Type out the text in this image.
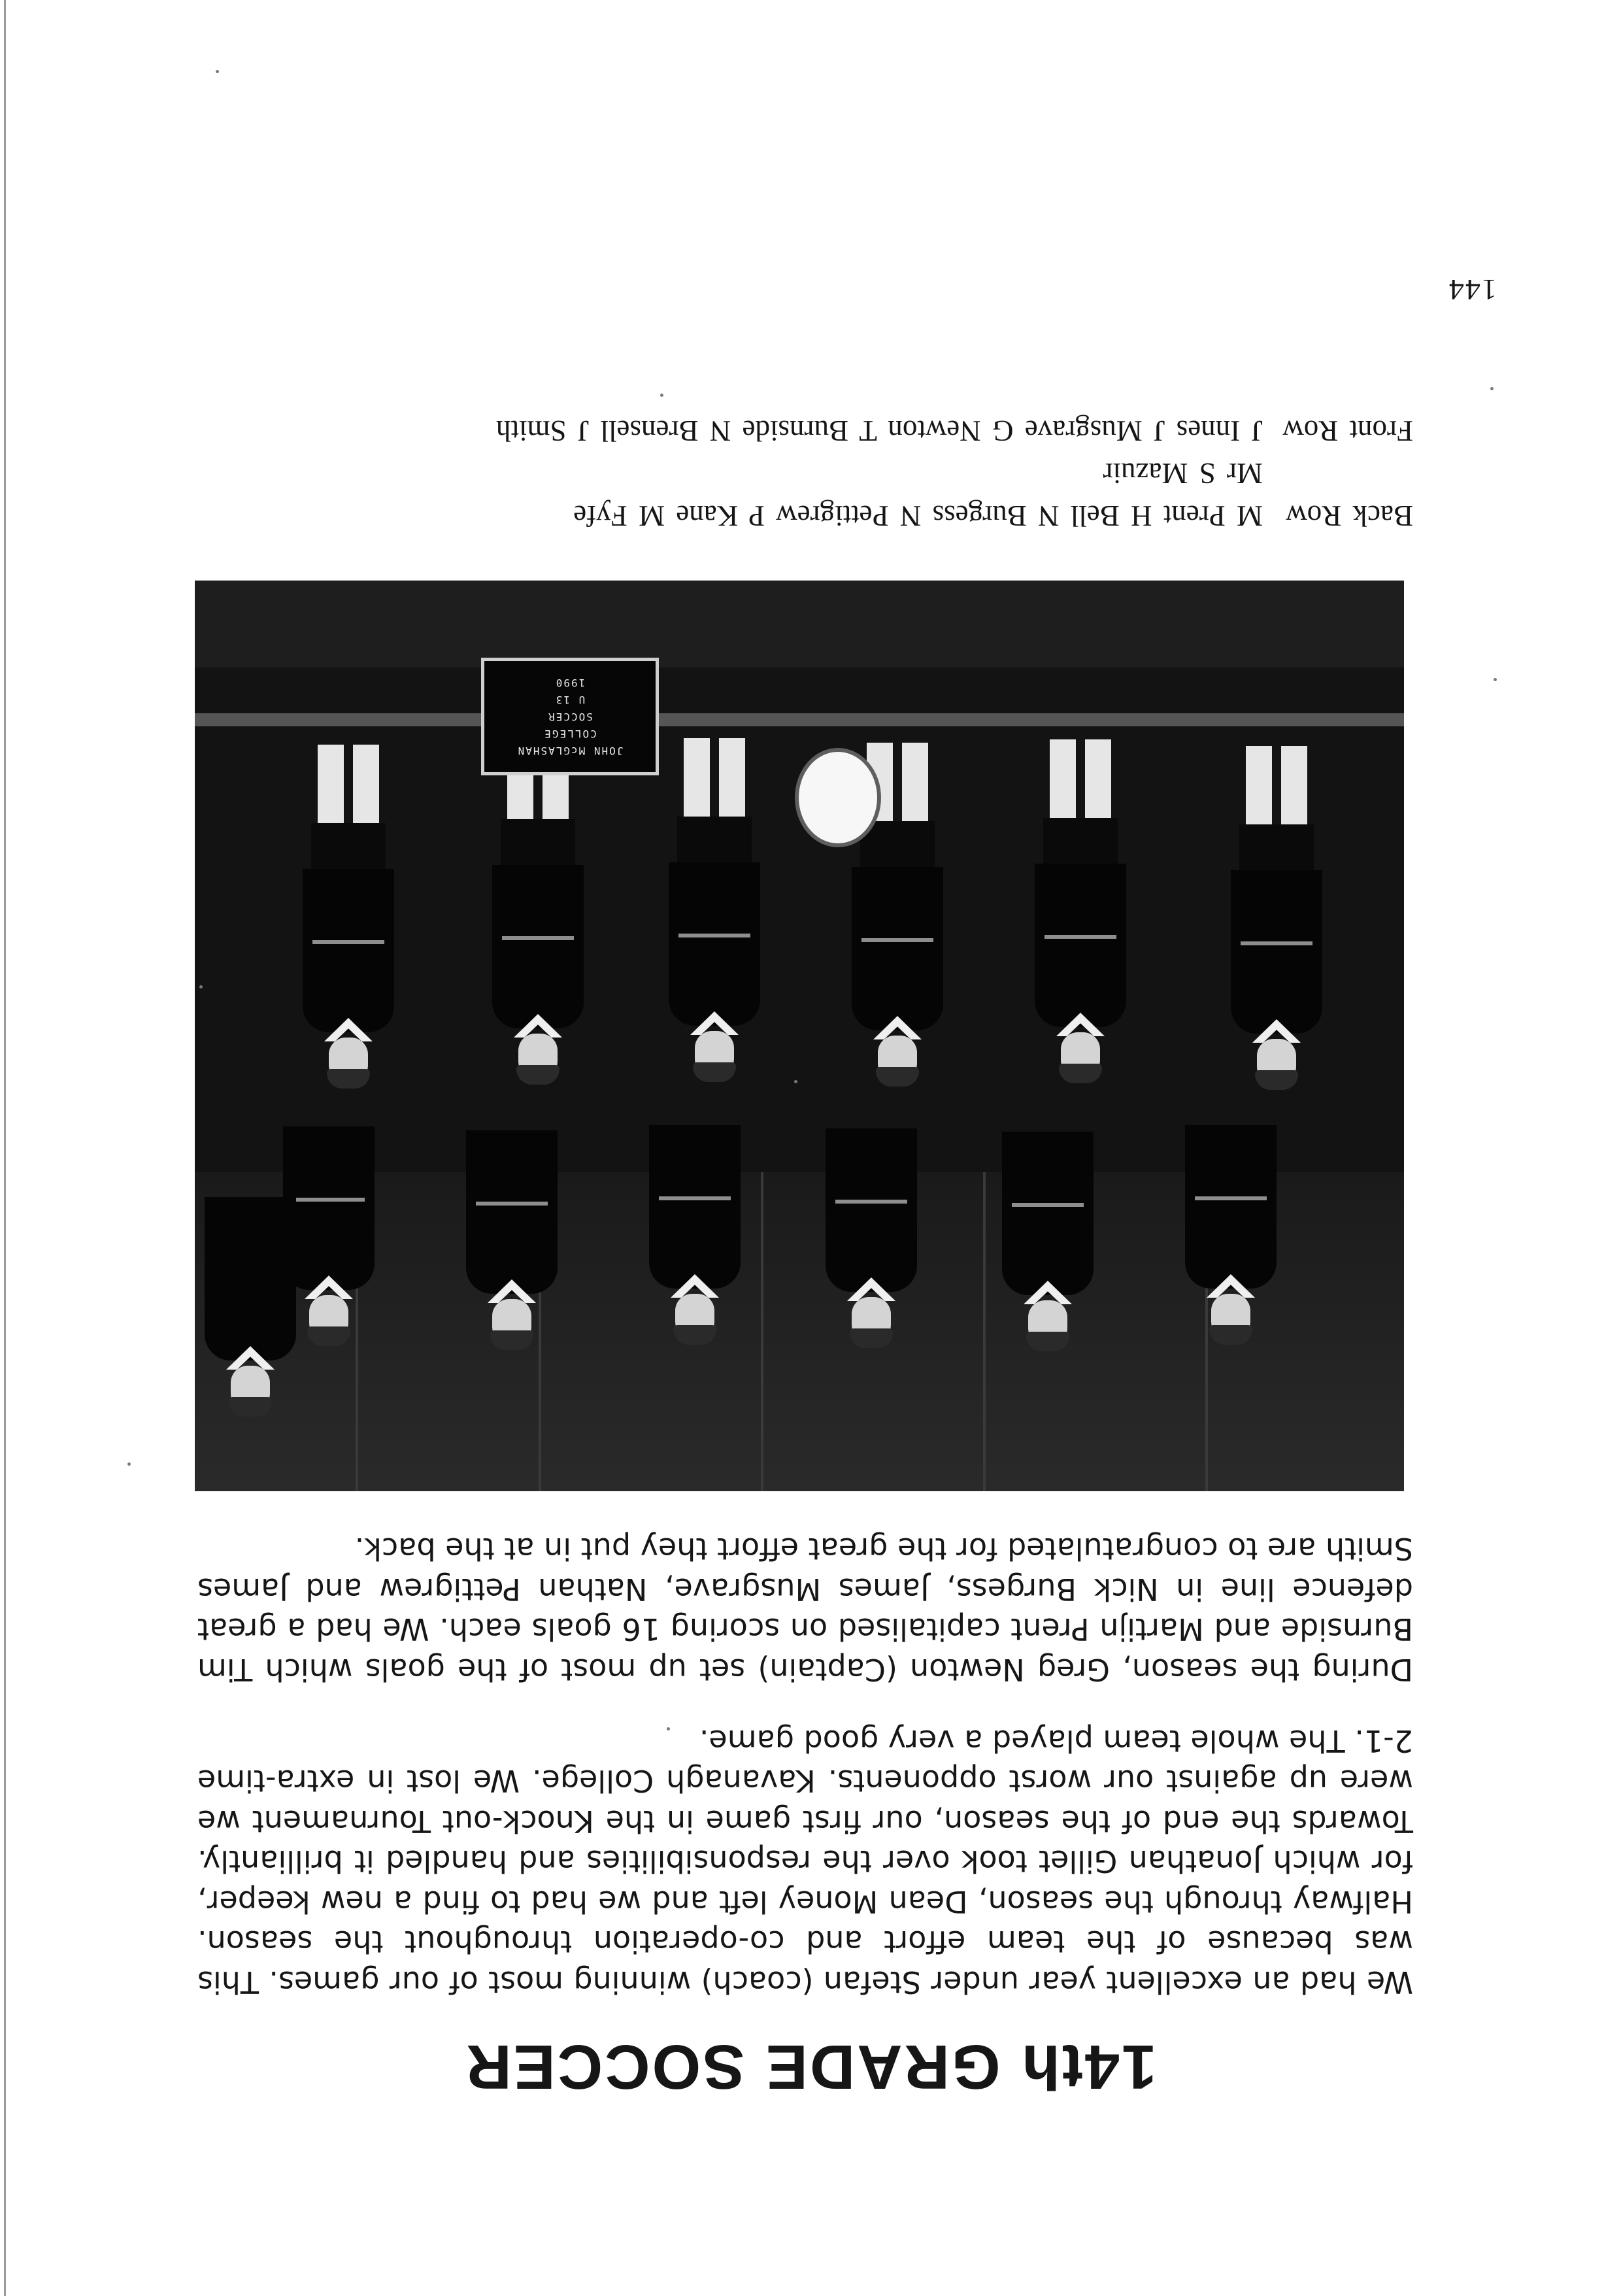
144
14th GRADE SOCCER

We had an excellent year under Stefan (coach) winning most of our games. This was because of the team effort and co-operation throughout the season. Halfway through the season, Dean Money left and we had to find a new keeper, for which Jonathan Gillet took over the responsibilities and handled it brilliantly. Towards the end of the season, our first game in the Knock-out Tournament we were up against our worst opponents. Kavanagh College. We lost in extra-time 2-1. The whole team played a very good game.

During the season, Greg Newton (Captain) set up most of the goals which Tim Burnside and Martijn Prent capitalised on scoring 16 goals each. We had a great defence line in Nick Burgess, James Musgrave, Nathan Pettigrew and James Smith are to congratulated for the great effort they put in at the back.

JOHN McGLASHAN
COLLEGE
SOCCER
U 13
1990

Back RowM Prent H Bell N Burgess N Pettigrew P Kane M Fyfe

Mr S Mazuir

Front RowJ Innes J Musgrave G Newton T Burnside N Brensell J Smith
